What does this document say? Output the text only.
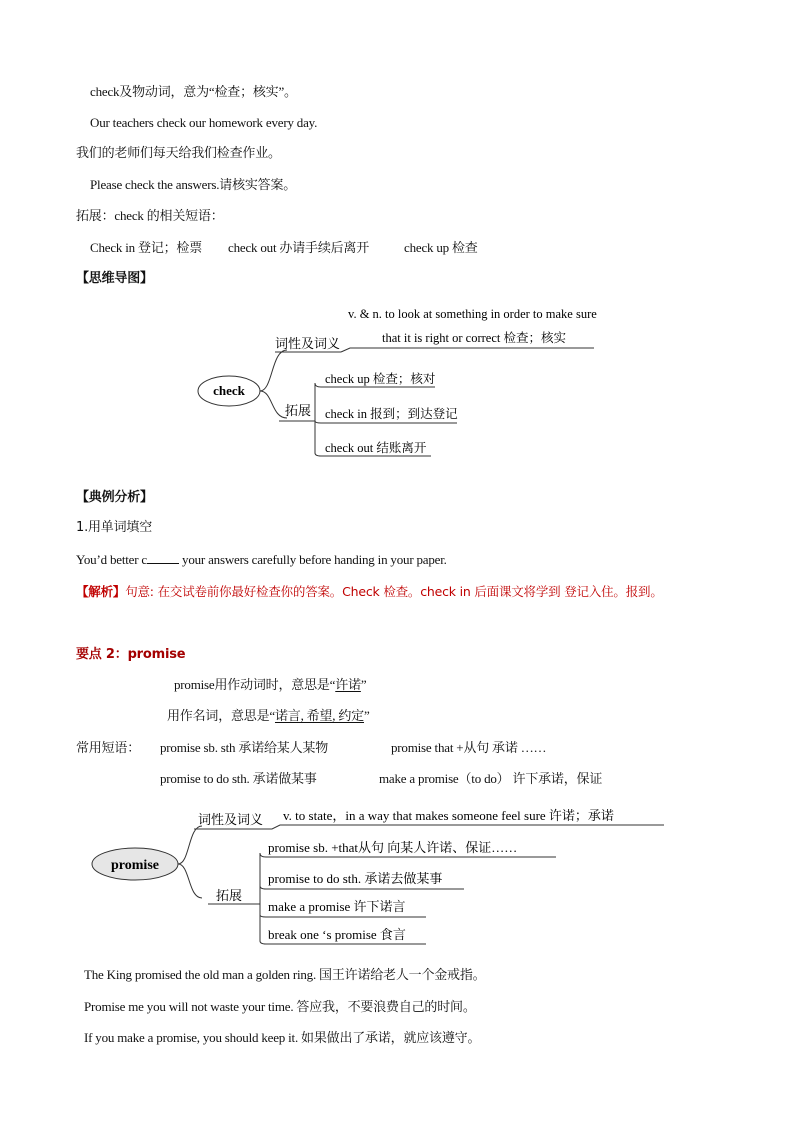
check及物动词，意为“检查；核实”。
Our teachers check our homework every day.
我们的老师们每天给我们检查作业。
Please check the answers.请核实答案。
拓展：check 的相关短语：
Check in 登记；检票 check out 办请手续后离开	check up 检查
【思维导图】
check
词性及词义
v. & n. to look at something in order to make sure
that it is right or correct 检查；核实
拓展
check up 检查；核对
check in 报到；到达登记
check out 结账离开
【典例分析】
1.用单词填空
You’d better c your answers carefully before handing in your paper.
【解析】句意: 在交试卷前你最好检查你的答案。Check 检查。check in 后面课文将学到 登记入住。报到。
要点 2：promise
promise用作动词时，意思是“许诺”
用作名词，意思是“诺言, 希望, 约定”
常用短语： promise sb. sth 承诺给某人某物	promise that +从句 承诺 ……
promise to do sth. 承诺做某事	make a promise（to do） 许下承诺，保证
promise
词性及词义 v. to state，in a way that makes someone feel sure 许诺；承诺
拓展
promise sb. +that从句 向某人许诺、保证……
promise to do sth. 承诺去做某事
make a promise 许下诺言
break one ‘s promise 食言
The King promised the old man a golden ring. 国王许诺给老人一个金戒指。
Promise me you will not waste your time. 答应我，不要浪费自己的时间。
If you make a promise, you should keep it. 如果做出了承诺，就应该遵守。
